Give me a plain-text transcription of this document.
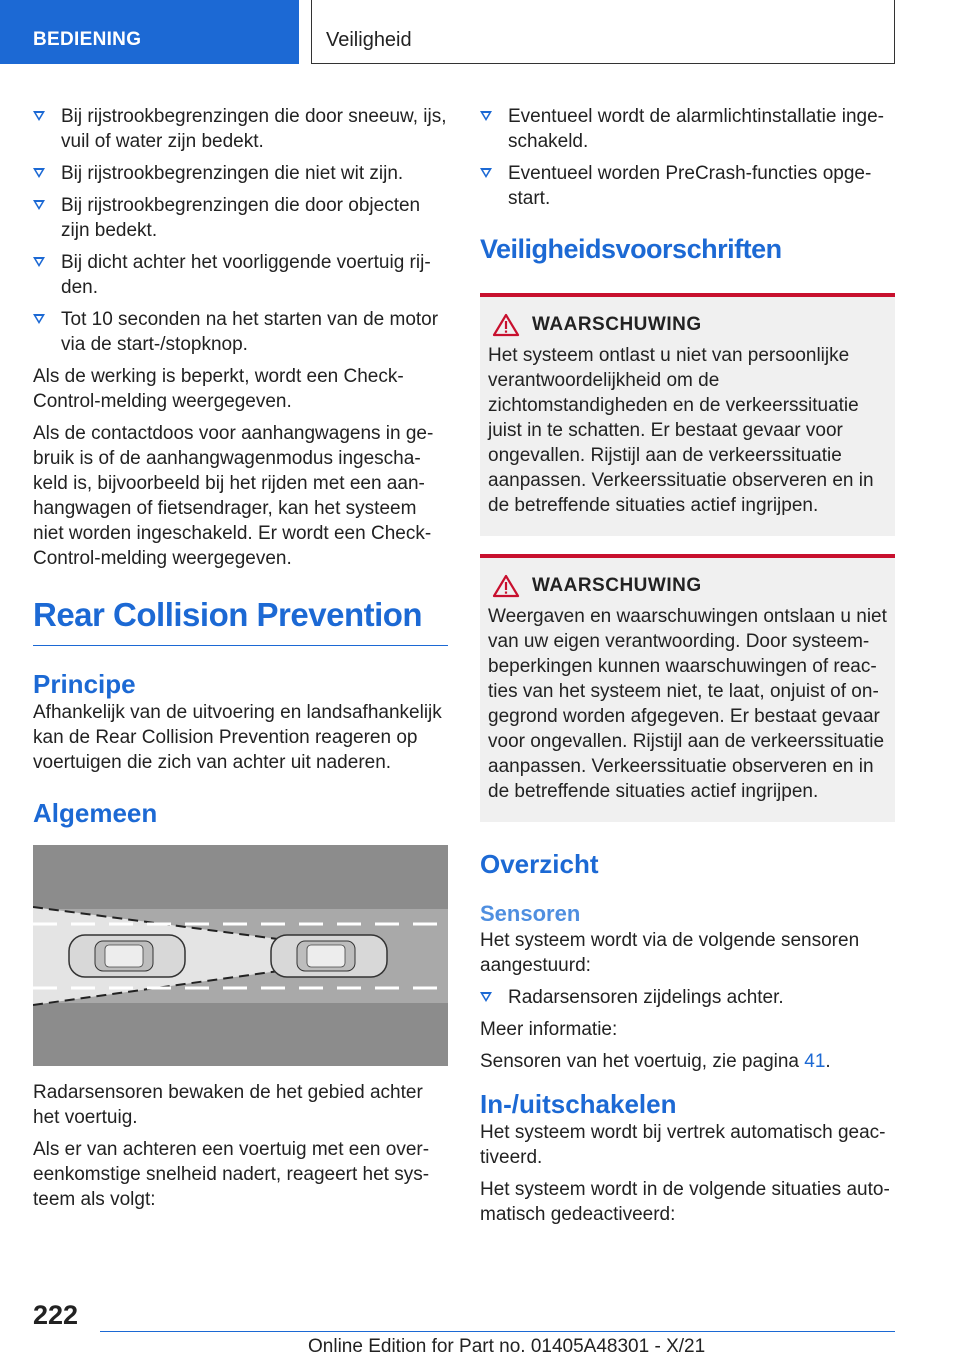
BEDIENING	Veiligheid
Bij rijstrookbegrenzingen die door sneeuw, ijs, vuil of water zijn bedekt.
Bij rijstrookbegrenzingen die niet wit zijn.
Bij rijstrookbegrenzingen die door objecten zijn bedekt.
Bij dicht achter het voorliggende voertuig rijden.
Tot 10 seconden na het starten van de motor via de start-/stopknop.

Als de werking is beperkt, wordt een Check-Control-melding weergegeven.

Als de contactdoos voor aanhangwagens in gebruik is of de aanhangwagenmodus ingeschakeld is, bijvoorbeeld bij het rijden met een aanhangwagen of fietsendrager, kan het systeem niet worden ingeschakeld. Er wordt een Check-Control-melding weergegeven.

Rear Collision Prevention
Principe

Afhankelijk van de uitvoering en landsafhankelijk kan de Rear Collision Prevention reageren op voertuigen die zich van achter uit naderen.

Algemeen

Radarsensoren bewaken de het gebied achter het voertuig.

Als er van achteren een voertuig met een overeenkomstige snelheid nadert, reageert het systeem als volgt:

Eventueel wordt de alarmlichtinstallatie ingeschakeld.
Eventueel worden PreCrash-functies opgestart.
Veiligheidsvoorschriften
WAARSCHUWING

Het systeem ontlast u niet van persoonlijke verantwoordelijkheid om de zichtomstandigheden en de verkeerssituatie juist in te schatten. Er bestaat gevaar voor ongevallen. Rijstijl aan de verkeerssituatie aanpassen. Verkeerssituatie observeren en in de betreffende situaties actief ingrijpen.

WAARSCHUWING

Weergaven en waarschuwingen ontslaan u niet van uw eigen verantwoording. Door systeembeperkingen kunnen waarschuwingen of reacties van het systeem niet, te laat, onjuist of ongegrond worden afgegeven. Er bestaat gevaar voor ongevallen. Rijstijl aan de verkeerssituatie aanpassen. Verkeerssituatie observeren en in de betreffende situaties actief ingrijpen.

Overzicht
Sensoren

Het systeem wordt via de volgende sensoren aangestuurd:

Radarsensoren zijdelings achter.

Meer informatie:

Sensoren van het voertuig, zie pagina 41.

In-/uitschakelen

Het systeem wordt bij vertrek automatisch geactiveerd.

Het systeem wordt in de volgende situaties automatisch gedeactiveerd:

222
Online Edition for Part no. 01405A48301 - X/21
